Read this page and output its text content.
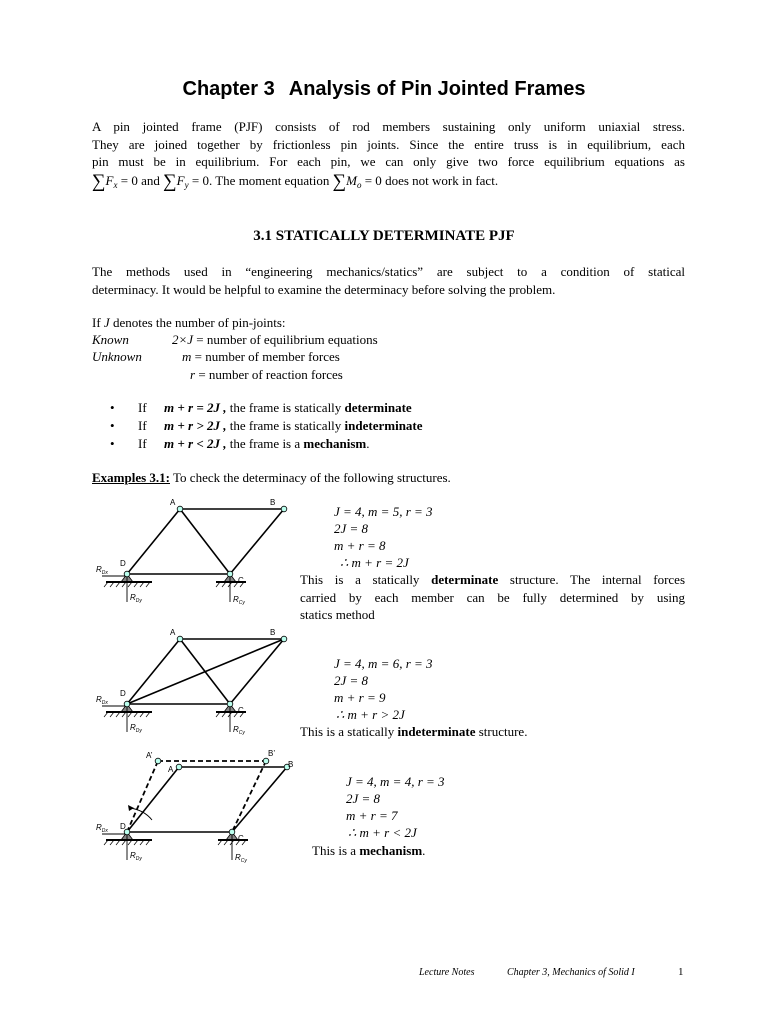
Chapter 3 Analysis of Pin Jointed Frames

A pin jointed frame (PJF) consists of rod members sustaining only uniform uniaxial stress.

They are joined together by frictionless pin joints. Since the entire truss is in equilibrium, each

pin must be in equilibrium. For each pin, we can only give two force equilibrium equations as

$\sum F_x = 0$ and $\sum F_y = 0$. The moment equation $\sum M_o = 0$ does not work in fact.

3.1 STATICALLY DETERMINATE PJF

The methods used in “engineering mechanics/statics” are subject to a condition of statical

determinacy. It would be helpful to examine the determinacy before solving the problem.

If J denotes the number of pin-joints:
Known	2×J = number of equilibrium equations
Unknown	m = number of member forces
r = number of reaction forces
• If m + r = 2J , the frame is statically determinate
• If m + r > 2J , the frame is statically indeterminate
• If m + r < 2J , the frame is a mechanism.
Examples 3.1: To check the determinacy of the following structures.
A	B
C
D
$R_{Dx}$
$R_{Dy}$	$R_{Cy}$
J = 4, m = 5, r = 3
2J = 8
m + r = 8
∴ m + r = 2J

This is a statically determinate structure. The internal forces

carried by each member can be fully determined by using

statics method

A	B
C
D
$R_{Dx}$
$R_{Dy}$	$R_{Cy}$
J = 4, m = 6, r = 3
2J = 8
m + r = 9
∴ m + r > 2J
This is a statically indeterminate structure.
A’	B’
A
B
C
D
$R_{Dx}$
$R_{Dy}$	$R_{Cy}$
J = 4, m = 4, r = 3
2J = 8
m + r = 7
∴ m + r < 2J
This is a mechanism.
Lecture Notes	Chapter 3, Mechanics of Solid I	1
